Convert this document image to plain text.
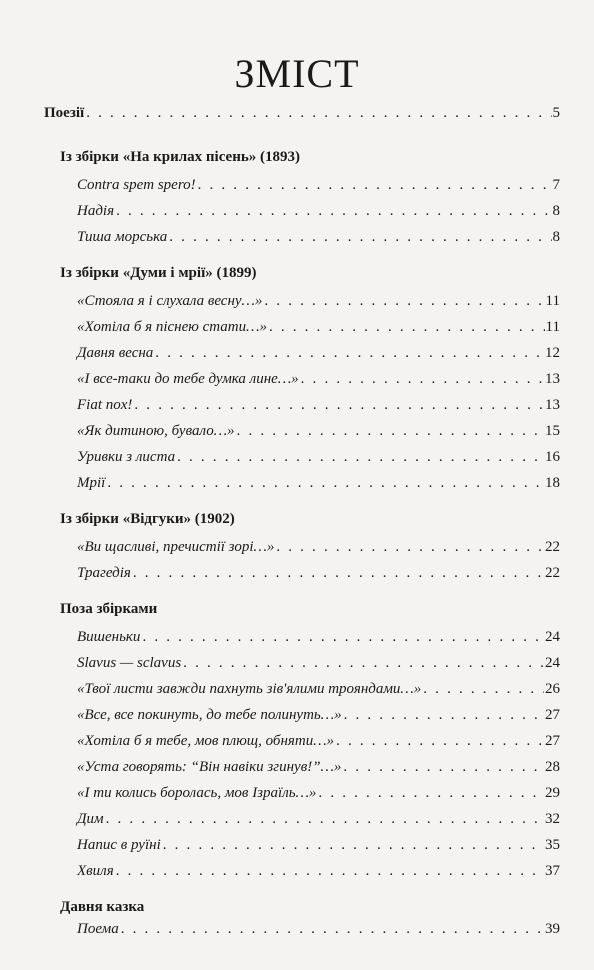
ЗМІСТ
Поезії . . .	5
Із збірки «На крилах пісень» (1893)
Contra spem spero! . . .	7
Надія . . .	8
Тиша морська . . .	8
Із збірки «Думи і мрії» (1899)
«Стояла я і слухала весну…» . . .	11
«Хотіла б я піснею стати…» . . .	11
Давня весна . . .	12
«І все-таки до тебе думка лине…» . . .	13
Fiat nox! . . .	13
«Як дитиною, бувало…» . . .	15
Уривки з листа . . .	16
Мрії . . .	18
Із збірки «Відгуки» (1902)
«Ви щасливі, пречистії зорі…» . . .	22
Трагедія . . .	22
Поза збірками
Вишеньки . . .	24
Slavus — sclavus . . .	24
«Твої листи завжди пахнуть зів'ялими трояндами…» . . .	26
«Все, все покинуть, до тебе полинуть…» . . .	27
«Хотіла б я тебе, мов плющ, обняти…» . . .	27
«Уста говорять: “Він навіки згинув!”…» . . .	28
«І ти колись боролась, мов Ізраїль…» . . .	29
Дим . . .	32
Напис в руїні . . .	35
Хвиля . . .	37
Давня казка
Поема . . .	39
